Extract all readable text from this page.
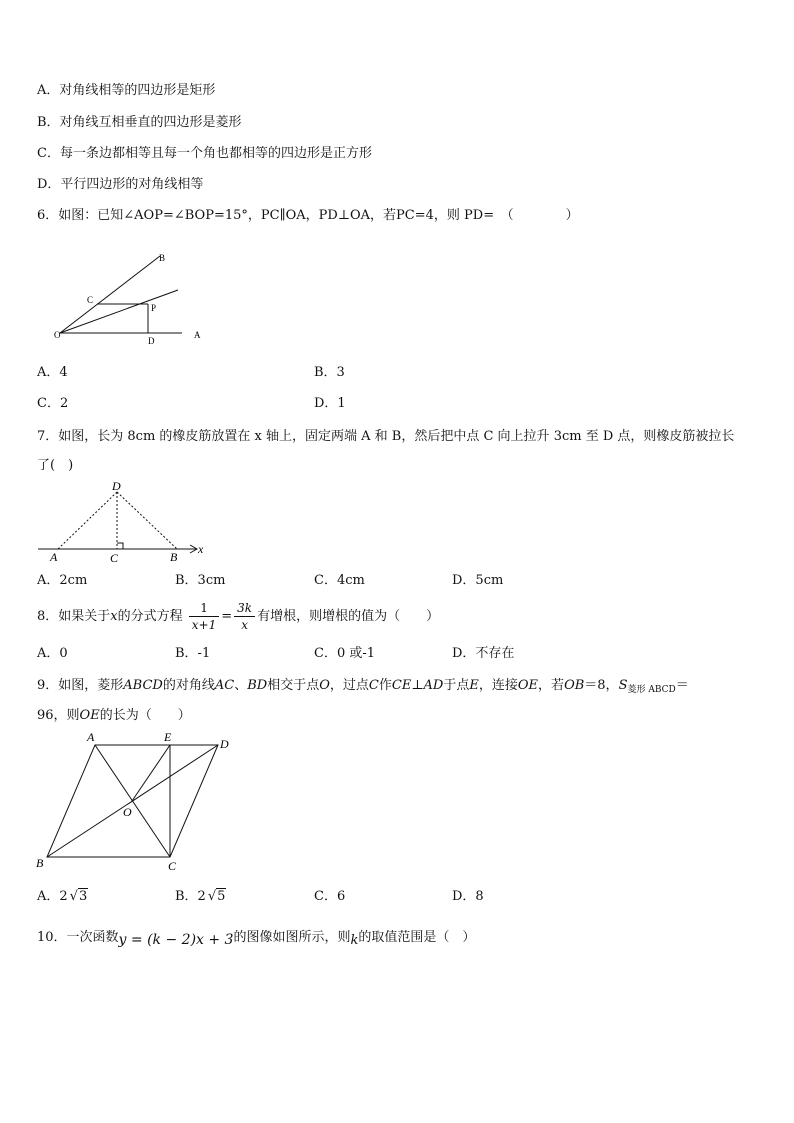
A．对角线相等的四边形是矩形
B．对角线互相垂直的四边形是菱形
C．每一条边都相等且每一个角也都相等的四边形是正方形
D．平行四边形的对角线相等
6．如图：已知∠AOP=∠BOP=15°，PC∥OA，PD⊥OA，若PC=4，则 PD=　（　　　　）
B
C
P
O
D
A
A．4	B．3
C．2	D．1
7．如图，长为 8cm 的橡皮筋放置在 x 轴上，固定两端 A 和 B，然后把中点 C 向上拉升 3cm 至 D 点，则橡皮筋被拉长
了(　)
D
A	C	B
x
A．2cm	B．3cm	C．4cm	D．5cm
8．如果关于x的分式方程 $\frac{1}{x+1} = \frac{3k}{x}$ 有增根，则增根的值为（　　）
A．0	B．-1	C．0 或-1	D．不存在
9．如图，菱形ABCD的对角线AC、BD相交于点O，过点C作CE⊥AD于点E，连接OE，若OB＝8，$S_{菱形 ABCD}=$
96，则OE的长为（　　）
A	E	D
O
B	C
A．2 √3	B．2 √5	C．6	D．8
10．一次函数y = (k − 2)x + 3的图像如图所示，则k的取值范围是（　）
